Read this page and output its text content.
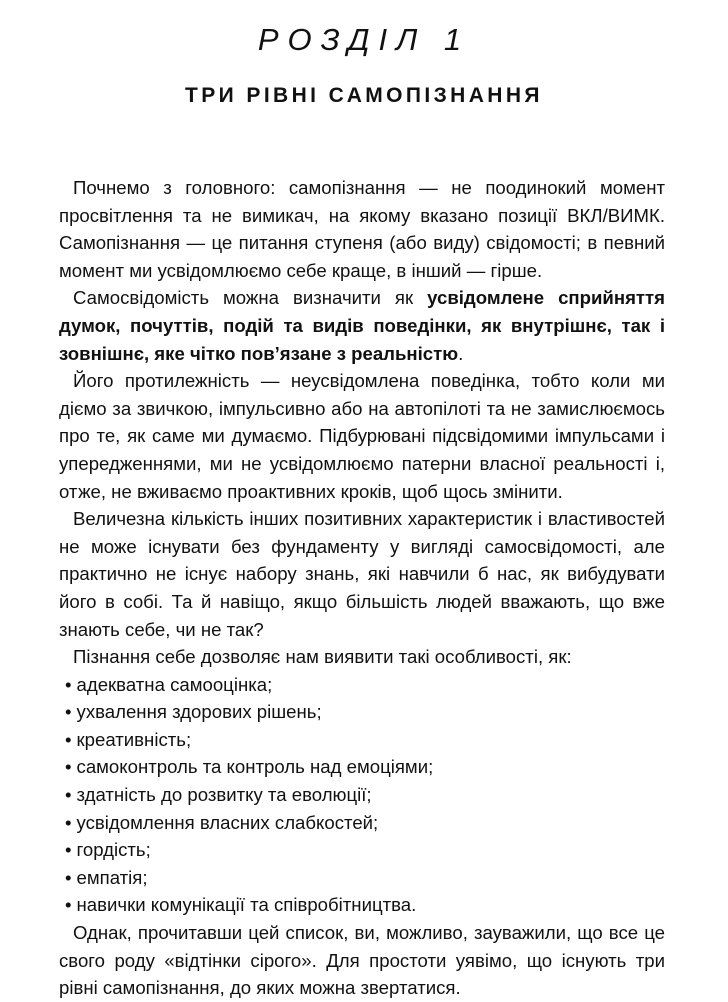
РОЗДІЛ 1
ТРИ РІВНІ САМОПІЗНАННЯ

Почнемо з головного: самопізнання — не поодинокий момент просвітлення та не вимикач, на якому вказано позиції ВКЛ/ВИМК. Самопізнання — це питання ступеня (або виду) свідомості; в певний момент ми усвідомлюємо себе краще, в інший — гірше.

Самосвідомість можна визначити як усвідомлене сприйняття думок, почуттів, подій та видів поведінки, як внутрішнє, так і зовнішнє, яке чітко пов’язане з реальністю.

Його протилежність — неусвідомлена поведінка, тобто коли ми діємо за звичкою, імпульсивно або на автопілоті та не замислюємось про те, як саме ми думаємо. Підбурювані підсвідомими імпульсами і упередженнями, ми не усвідомлюємо патерни власної реальності і, отже, не вживаємо проактивних кроків, щоб щось змінити.

Величезна кількість інших позитивних характеристик і властивостей не може існувати без фундаменту у вигляді самосвідомості, але практично не існує набору знань, які навчили б нас, як вибудувати його в собі. Та й навіщо, якщо більшість людей вважають, що вже знають себе, чи не так?

Пізнання себе дозволяє нам виявити такі особливості, як:

• адекватна самооцінка;
• ухвалення здорових рішень;
• креативність;
• самоконтроль та контроль над емоціями;
• здатність до розвитку та еволюції;
• усвідомлення власних слабкостей;
• гордість;
• емпатія;
• навички комунікації та співробітництва.

Однак, прочитавши цей список, ви, можливо, зауважили, що все це свого роду «відтінки сірого». Для простоти уявімо, що існують три рівні самопізнання, до яких можна звертатися.
